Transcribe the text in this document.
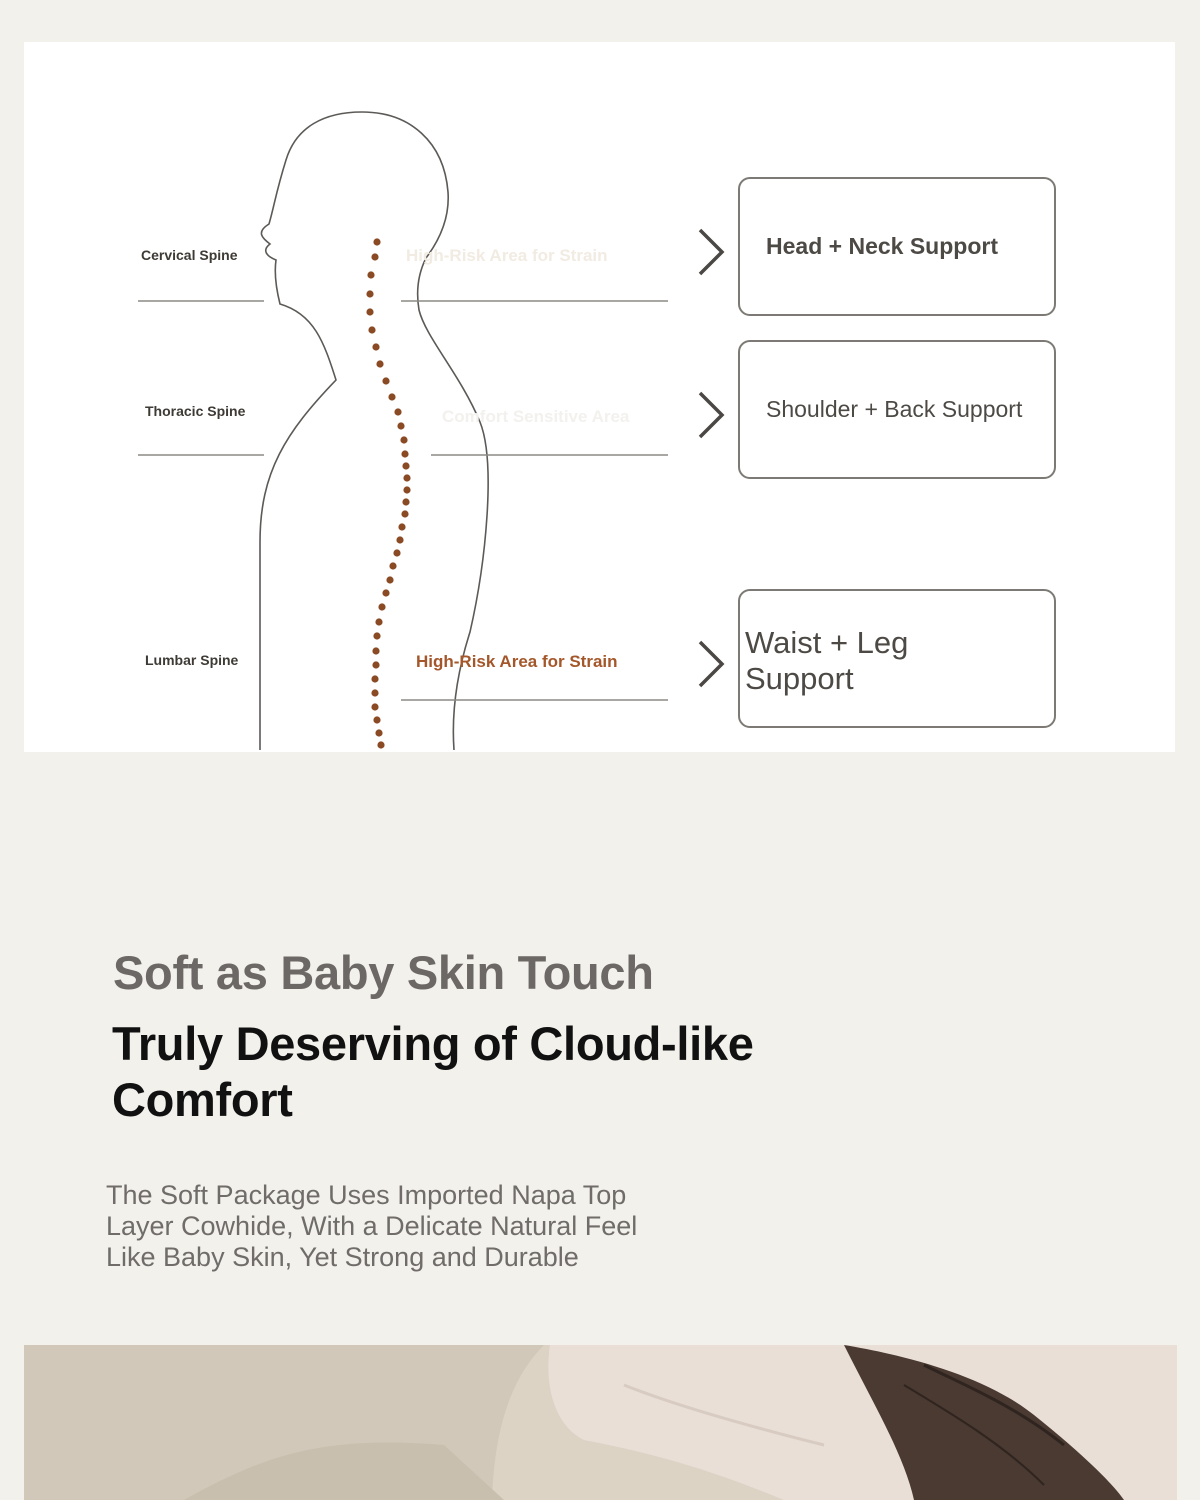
Cervical Spine
Thoracic Spine
Lumbar Spine
High-Risk Area for Strain
Comfort Sensitive Area
High-Risk Area for Strain
Head + Neck Support
Shoulder + Back Support
Waist + Leg
Support
Soft as Baby Skin Touch
Truly Deserving of Cloud-like Comfort

The Soft Package Uses Imported Napa Top
Layer Cowhide, With a Delicate Natural Feel
Like Baby Skin, Yet Strong and Durable
